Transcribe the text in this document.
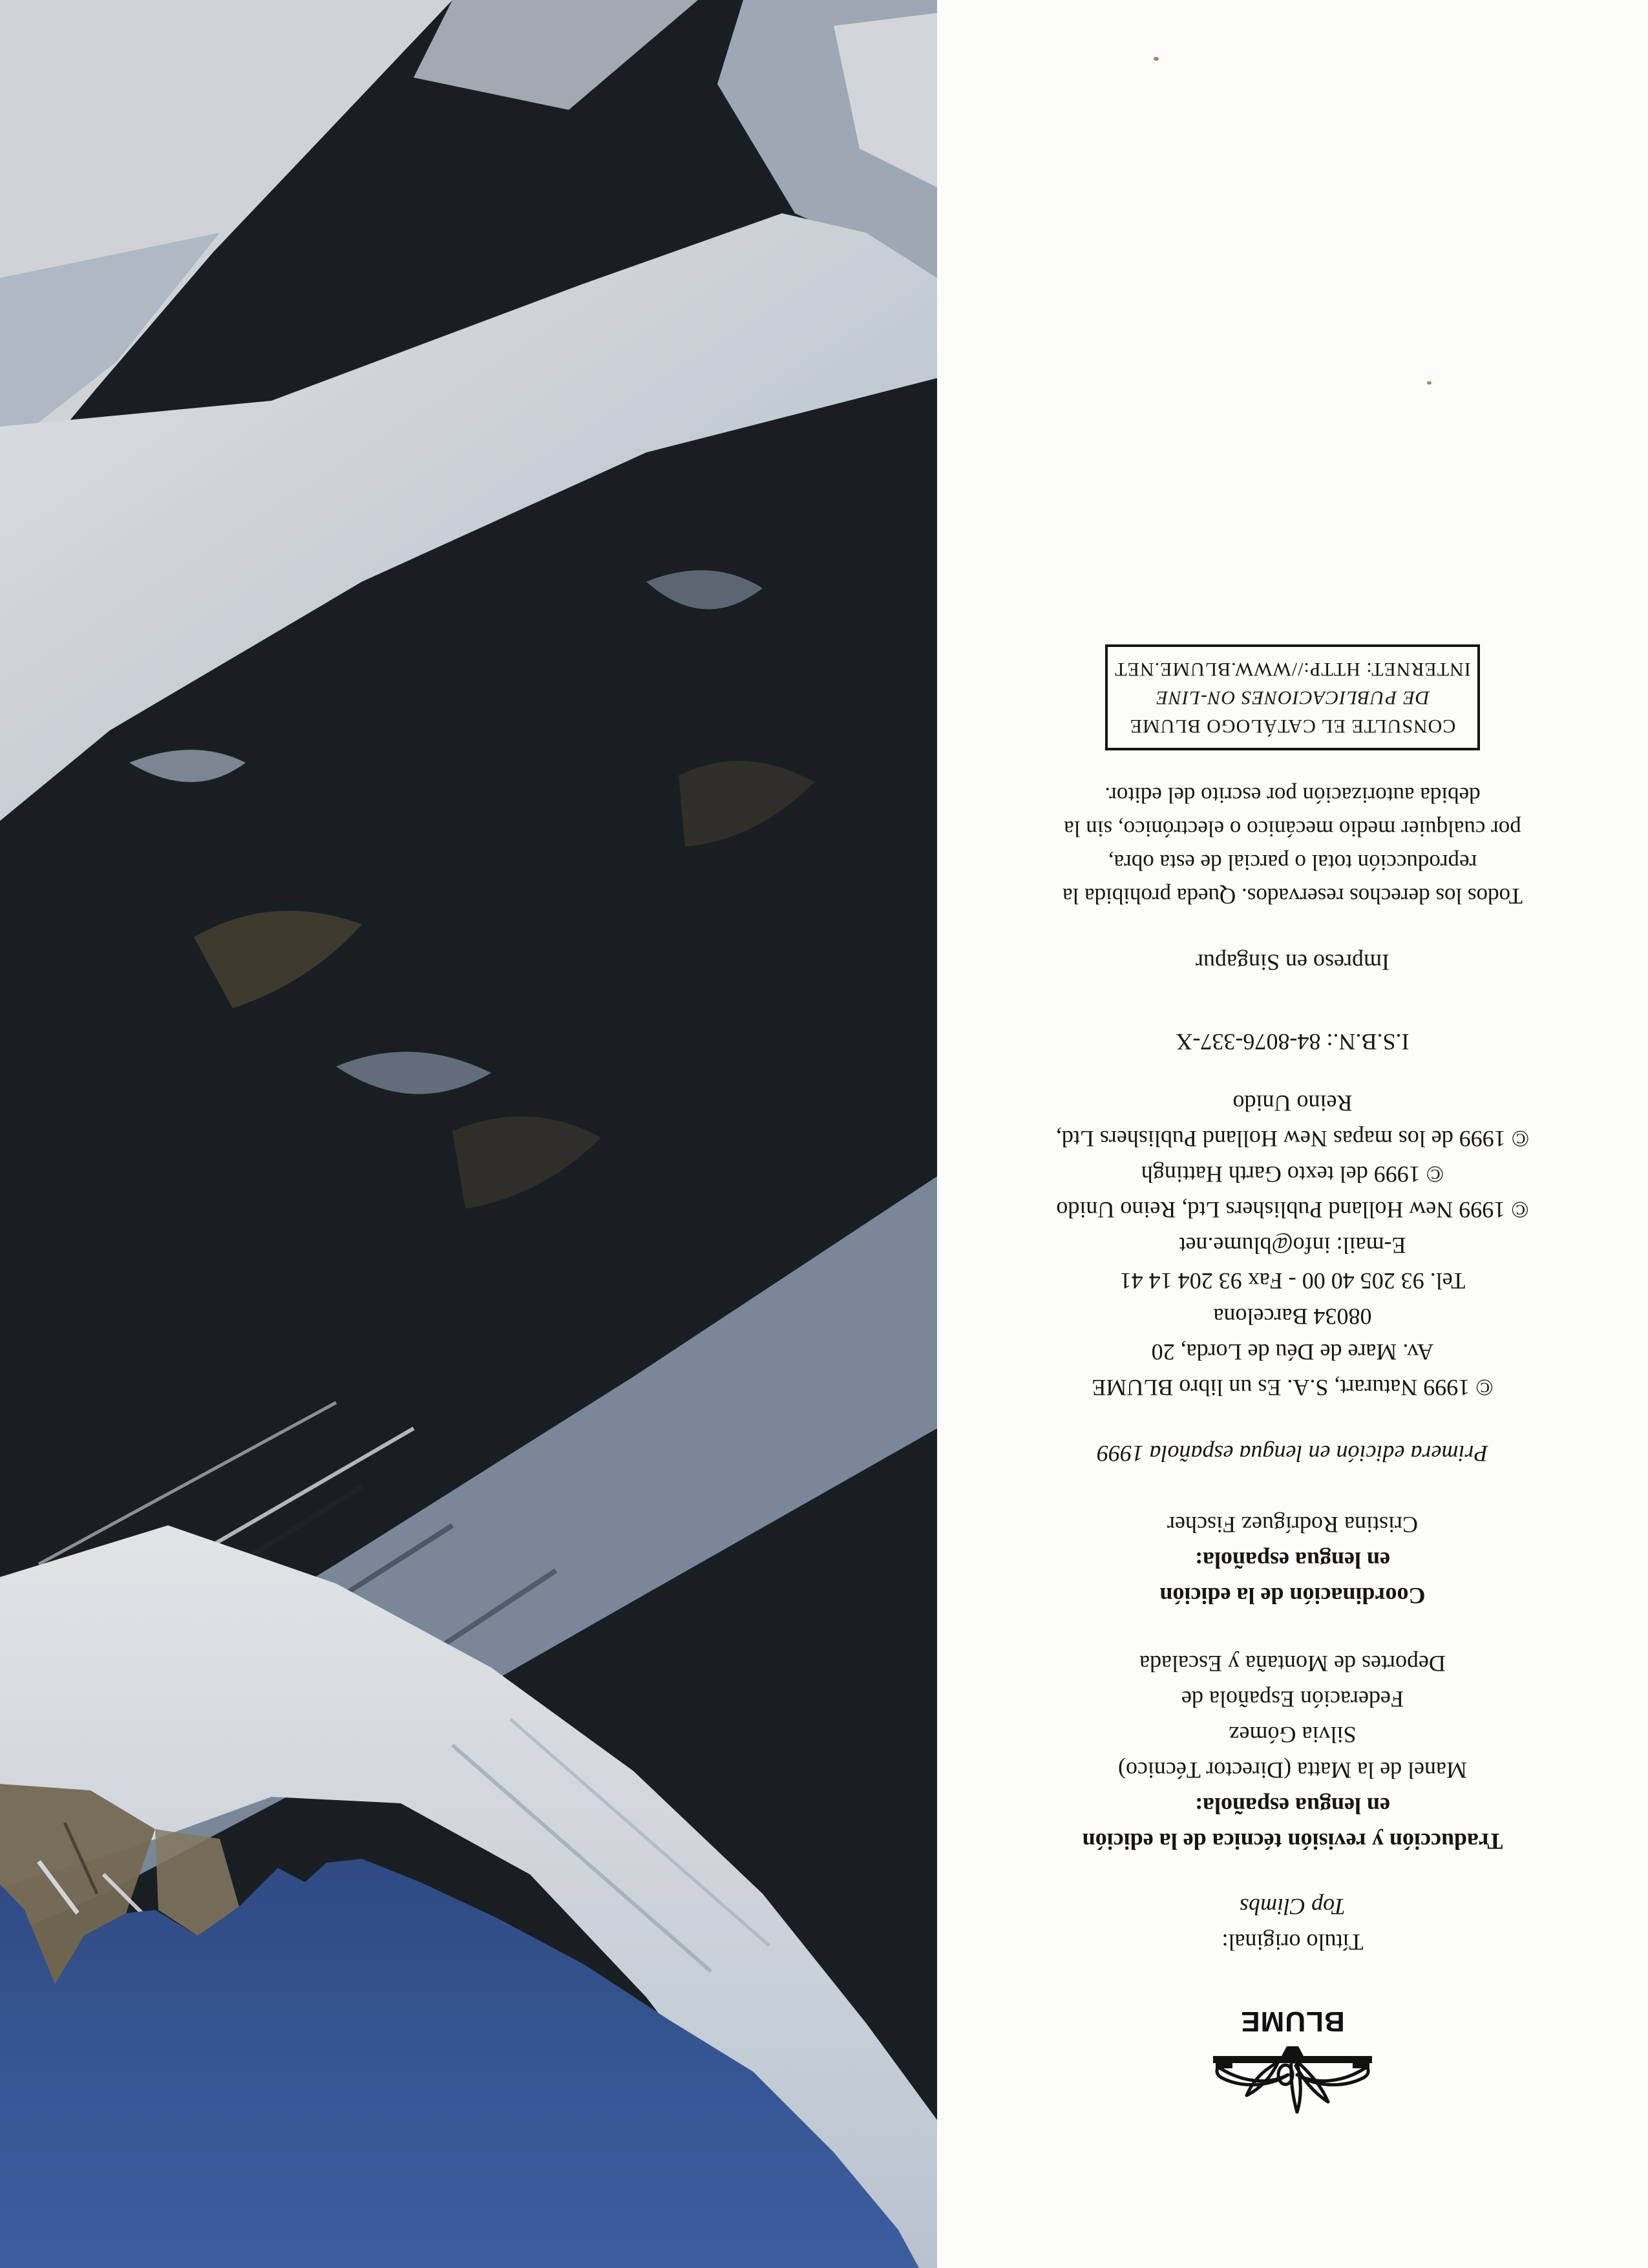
BLUME
Título original:
Top Climbs
Traducción y revisión técnica de la edición
en lengua española:
Manel de la Matta (Director Técnico)
Silvia Gómez
Federación Española de
Deportes de Montaña y Escalada
Coordinación de la edición
en lengua española:
Cristina Rodríguez Fischer
Primera edición en lengua española 1999
© 1999 Naturart, S.A. Es un libro BLUME
Av. Mare de Déu de Lorda, 20
08034 Barcelona
Tel. 93 205 40 00 - Fax 93 204 14 41
E-mail: info@blume.net
© 1999 New Holland Publishers Ltd, Reino Unido
© 1999 del texto Garth Hattingh
© 1999 de los mapas New Holland Publishers Ltd,
Reino Unido
I.S.B.N.: 84-8076-337-X
Impreso en Singapur
Todos los derechos reservados. Queda prohibida la
reproducción total o parcial de esta obra,
por cualquier medio mecánico o electrónico, sin la
debida autorización por escrito del editor.
CONSULTE EL CATÁLOGO BLUME
DE PUBLICACIONES ON-LINE
INTERNET: HTTP://WWW.BLUME.NET
